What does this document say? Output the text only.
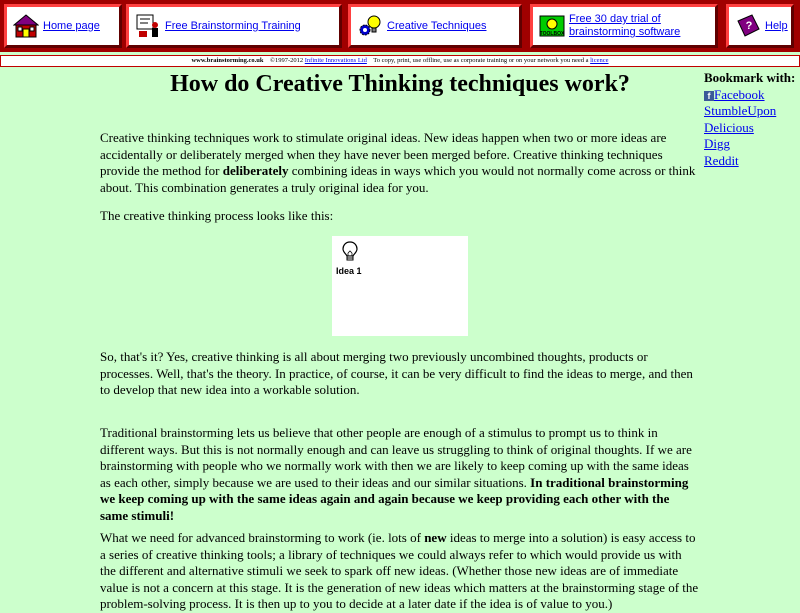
Home page	Free Brainstorming Training	Creative Techniques
TOOLBOX
Free 30 day trial of brainstorming software	? Help
www.brainstorming.co.uk ©1997-2012 Infinite Innovations Ltd To copy, print, use offline, use as corporate training or on your network you need a licence
How do Creative Thinking techniques work?

Creative thinking techniques work to stimulate original ideas. New ideas happen when two or more ideas are accidentally or deliberately merged when they have never been merged before. Creative thinking techniques provide the method for deliberately combining ideas in ways which you would not normally come across or think about. This combination generates a truly original idea for you.

The creative thinking process looks like this:

Idea 1

So, that's it? Yes, creative thinking is all about merging two previously uncombined thoughts, products or processes. Well, that's the theory. In practice, of course, it can be very difficult to find the ideas to merge, and then to develop that new idea into a workable solution.

Traditional brainstorming lets us believe that other people are enough of a stimulus to prompt us to think in different ways. But this is not normally enough and can leave us struggling to think of original thoughts. If we are brainstorming with people who we normally work with then we are likely to keep coming up with the same ideas as each other, simply because we are used to their ideas and our similar situations. In traditional brainstorming we keep coming up with the same ideas again and again because we keep providing each other with the same stimuli!

What we need for advanced brainstorming to work (ie. lots of new ideas to merge into a solution) is easy access to a series of creative thinking tools; a library of techniques we could always refer to which would provide us with the different and alternative stimuli we seek to spark off new ideas. (Whether those new ideas are of immediate value is not a concern at this stage. It is the generation of new ideas which matters at the brainstorming stage of the problem-solving process. It is then up to you to decide at a later date if the idea is of value to you.)

Bookmark with:
f Facebook
StumbleUpon
Delicious
Digg
Reddit
